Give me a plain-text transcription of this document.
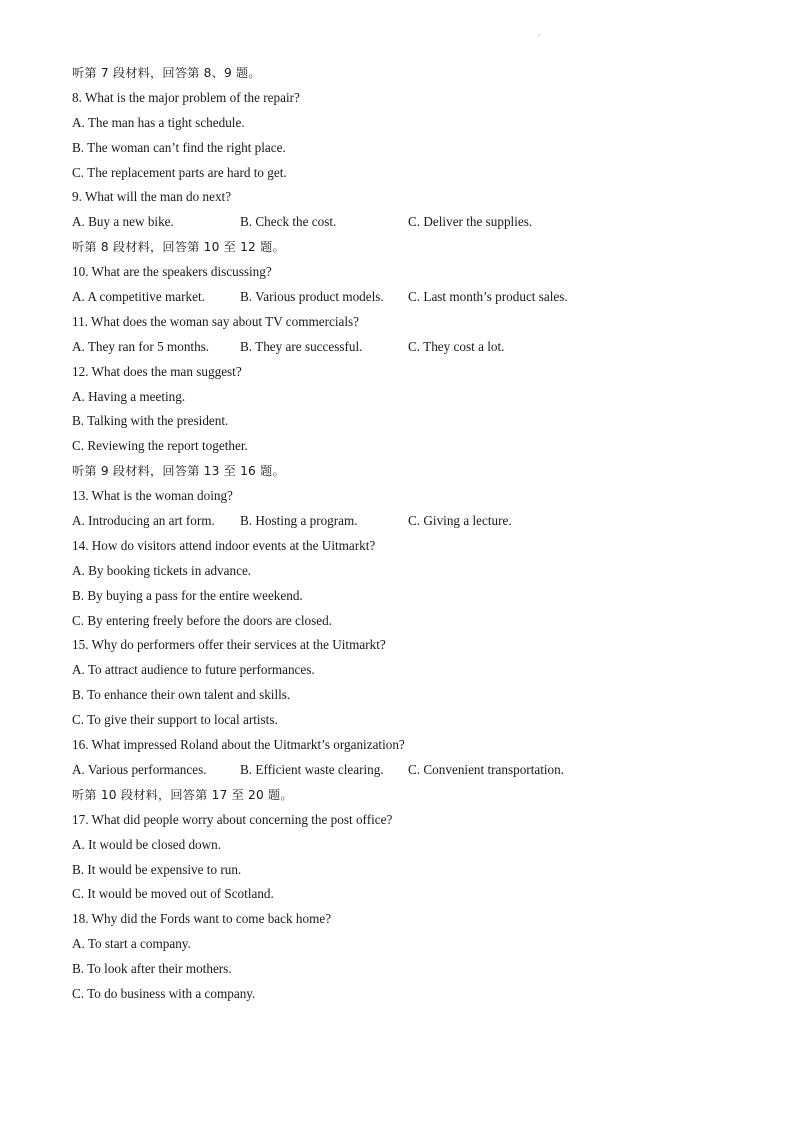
听第 7 段材料，回答第 8、9 题。
8. What is the major problem of the repair?
A. The man has a tight schedule.
B. The woman can’t find the right place.
C. The replacement parts are hard to get.
9. What will the man do next?
A. Buy a new bike.	B. Check the cost.	C. Deliver the supplies.
听第 8 段材料，回答第 10 至 12 题。
10. What are the speakers discussing?
A. A competitive market.	B. Various product models. C. Last month’s product sales.
11. What does the woman say about TV commercials?
A. They ran for 5 months. B. They are successful.	C. They cost a lot.
12. What does the man suggest?
A. Having a meeting.
B. Talking with the president.
C. Reviewing the report together.
听第 9 段材料，回答第 13 至 16 题。
13. What is the woman doing?
A. Introducing an art form. B. Hosting a program.	C. Giving a lecture.
14. How do visitors attend indoor events at the Uitmarkt?
A. By booking tickets in advance.
B. By buying a pass for the entire weekend.
C. By entering freely before the doors are closed.
15. Why do performers offer their services at the Uitmarkt?
A. To attract audience to future performances.
B. To enhance their own talent and skills.
C. To give their support to local artists.
16. What impressed Roland about the Uitmarkt’s organization?
A. Various performances.	B. Efficient waste clearing. C. Convenient transportation.
听第 10 段材料，回答第 17 至 20 题。
17. What did people worry about concerning the post office?
A. It would be closed down.
B. It would be expensive to run.
C. It would be moved out of Scotland.
18. Why did the Fords want to come back home?
A. To start a company.
B. To look after their mothers.
C. To do business with a company.
